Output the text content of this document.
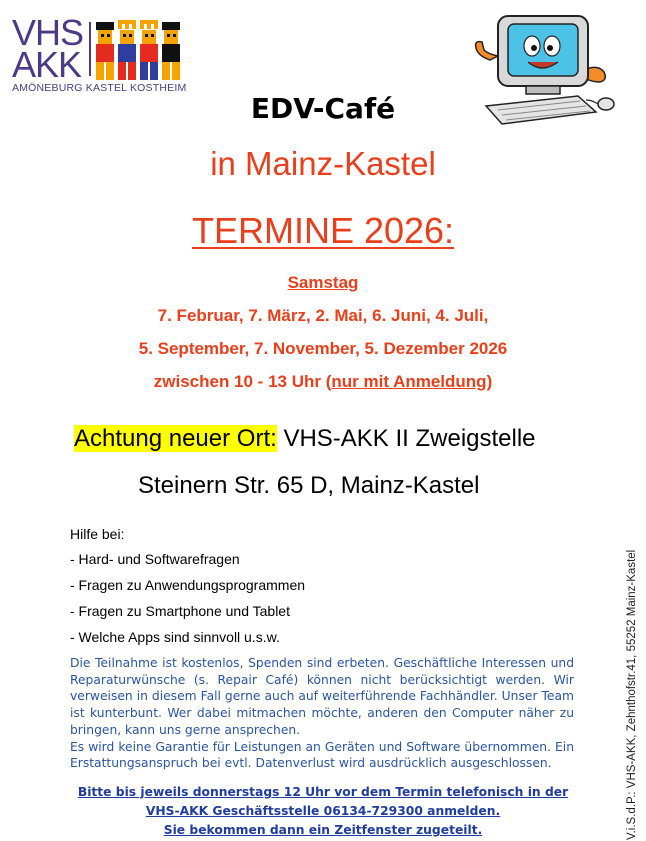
VHS
AKK
AMÖNEBURG KASTEL KOSTHEIM
EDV-Café
in Mainz-Kastel
TERMINE 2026:
Samstag
7. Februar, 7. März, 2. Mai, 6. Juni, 4. Juli,
5. September, 7. November, 5. Dezember 2026
zwischen 10 - 13 Uhr (nur mit Anmeldung)
Achtung neuer Ort: VHS-AKK II Zweigstelle
Steinern Str. 65 D, Mainz-Kastel
Hilfe bei:
- Hard- und Softwarefragen
- Fragen zu Anwendungsprogrammen
- Fragen zu Smartphone und Tablet
- Welche Apps sind sinnvoll u.s.w.
Die Teilnahme ist kostenlos, Spenden sind erbeten. Geschäftliche Interessen und Reparaturwünsche (s. Repair Café) können nicht berücksichtigt werden. Wir verweisen in diesem Fall gerne auch auf weiterführende Fachhändler. Unser Team ist kunterbunt. Wer dabei mitmachen möchte, anderen den Computer näher zu bringen, kann uns gerne ansprechen.
Es wird keine Garantie für Leistungen an Geräten und Software übernommen. Ein Erstattungsanspruch bei evtl. Datenverlust wird ausdrücklich ausgeschlossen.
Bitte bis jeweils donnerstags 12 Uhr vor dem Termin telefonisch in der
VHS-AKK Geschäftsstelle 06134-729300 anmelden.
Sie bekommen dann ein Zeitfenster zugeteilt.	V.i.S.d.P.: VHS-AKK, Zehnthofstr.41, 55252 Mainz-Kastel
